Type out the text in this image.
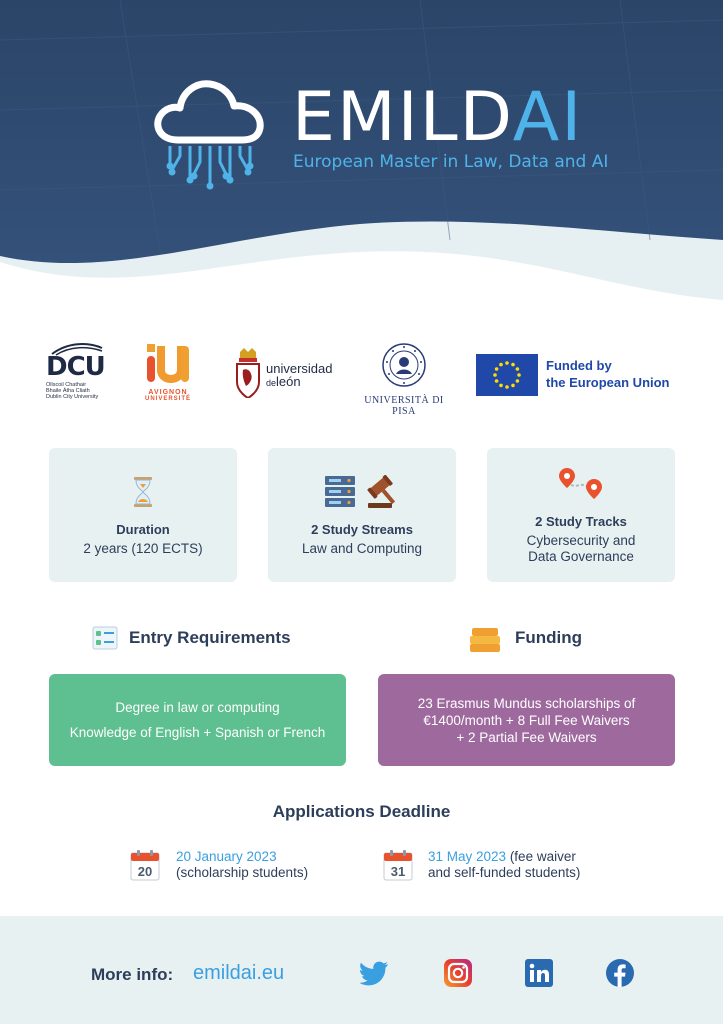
EMILDAI
European Master in Law, Data and AI
DCU
Ollscoil Chathair
Bhaile Átha Cliath
Dublin City University
AVIGNON
UNIVERSITÉ
universidad
deleón
UNIVERSITÀ DI PISA
Funded by
the European Union
Duration
2 years (120 ECTS)
2 Study Streams
Law and Computing
2 Study Tracks
Cybersecurity and
Data Governance
Entry Requirements	Funding
Degree in law or computing
Knowledge of English + Spanish or French
23 Erasmus Mundus scholarships of
€1400/month + 8 Full Fee Waivers
+ 2 Partial Fee Waivers
Applications Deadline
20
20 January 2023
(scholarship students)	31
31 May 2023 (fee waiver
and self-funded students)
More info: emildai.eu
